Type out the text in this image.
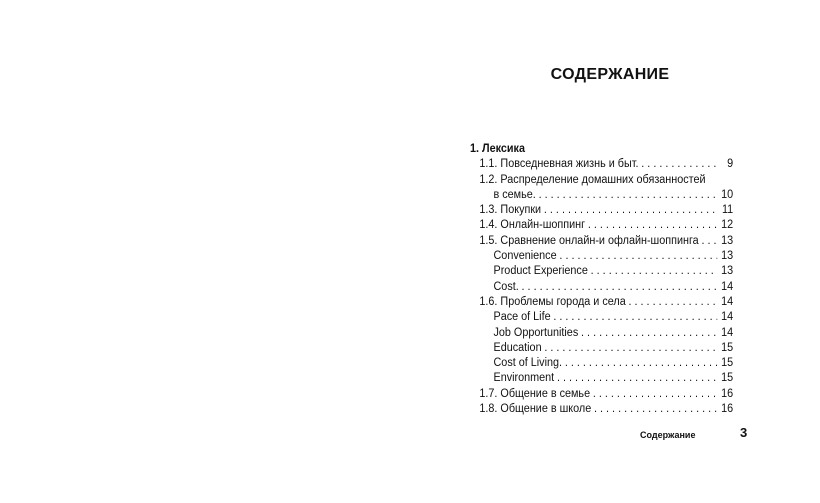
СОДЕРЖАНИЕ
1. Лексика
1.1. Повседневная жизнь и быт. . . .	9
1.2. Распределение домашних обязанностей
в семье. . . .	10
1.3. Покупки . . .	11
1.4. Онлайн-шоппинг . . .	12
1.5. Сравнение онлайн-и офлайн-шоппинга . . . 13
Convenience . . .	13
Product Experience . . .	13
Cost. . . .	14
1.6. Проблемы города и села . . .	14
Pace of Life . . .	14
Job Opportunities . . .	14
Education . . .	15
Cost of Living. . . .	15
Environment . . .	15
1.7. Общение в семье . . .	16
1.8. Общение в школе . . .	16
Содержание	3
